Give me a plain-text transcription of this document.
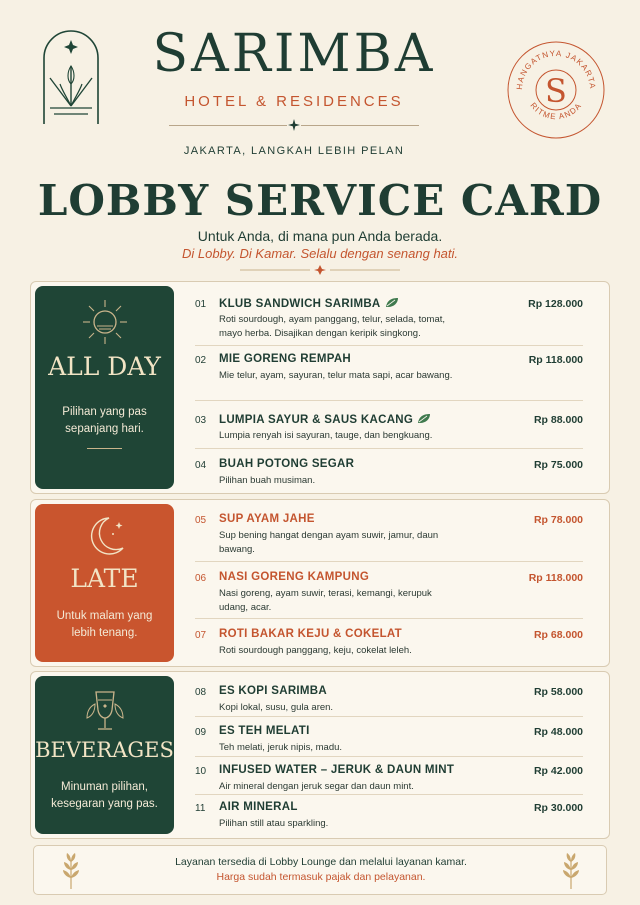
SARIMBA
HOTEL & RESIDENCES
JAKARTA, LANGKAH LEBIH PELAN
HANGATNYA JAKARTA
RITME ANDA
S
LOBBY SERVICE CARD
Untuk Anda, di mana pun Anda berada.
Di Lobby. Di Kamar. Selalu dengan senang hati.
ALL DAY
Pilihan yang pas sepanjang hari.
01	KLUB SANDWICH SARIMBA	Rp 128.000
Roti sourdough, ayam panggang, telur, selada, tomat, mayo herba. Disajikan dengan keripik singkong.
02	MIE GORENG REMPAH	Rp 118.000
Mie telur, ayam, sayuran, telur mata sapi, acar bawang.
03	LUMPIA SAYUR & SAUS KACANG	Rp 88.000
Lumpia renyah isi sayuran, tauge, dan bengkuang.
04	BUAH POTONG SEGAR	Rp 75.000
Pilihan buah musiman.
LATE
Untuk malam yang lebih tenang.
05	SUP AYAM JAHE	Rp 78.000
Sup bening hangat dengan ayam suwir, jamur, daun bawang.
06	NASI GORENG KAMPUNG	Rp 118.000
Nasi goreng, ayam suwir, terasi, kemangi, kerupuk udang, acar.
07	ROTI BAKAR KEJU & COKELAT	Rp 68.000
Roti sourdough panggang, keju, cokelat leleh.
BEVERAGES
Minuman pilihan, kesegaran yang pas.
08	ES KOPI SARIMBA	Rp 58.000
Kopi lokal, susu, gula aren.
09	ES TEH MELATI	Rp 48.000
Teh melati, jeruk nipis, madu.
10	INFUSED WATER – JERUK & DAUN MINT	Rp 42.000
Air mineral dengan jeruk segar dan daun mint.
11	AIR MINERAL	Rp 30.000
Pilihan still atau sparkling.
Layanan tersedia di Lobby Lounge dan melalui layanan kamar.
Harga sudah termasuk pajak dan pelayanan.
